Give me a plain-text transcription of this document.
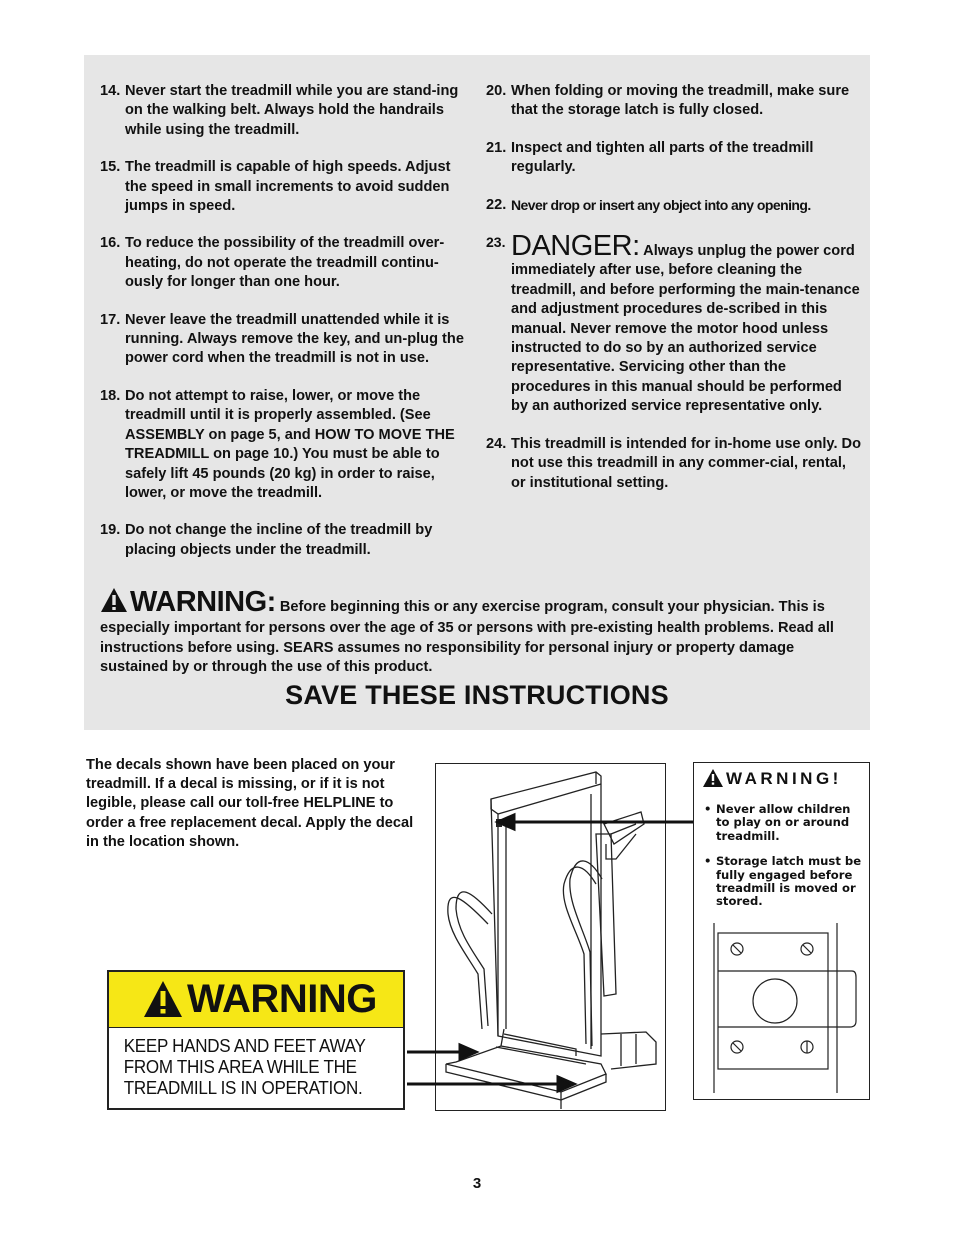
14. Never start the treadmill while you are stand-ing on the walking belt. Always hold the handrails while using the treadmill.
15. The treadmill is capable of high speeds. Adjust the speed in small increments to avoid sudden jumps in speed.
16. To reduce the possibility of the treadmill over-heating, do not operate the treadmill continu-ously for longer than one hour.
17. Never leave the treadmill unattended while it is running. Always remove the key, and un-plug the power cord when the treadmill is not in use.
18. Do not attempt to raise, lower, or move the treadmill until it is properly assembled. (See ASSEMBLY on page 5, and HOW TO MOVE THE TREADMILL on page 10.) You must be able to safely lift 45 pounds (20 kg) in order to raise, lower, or move the treadmill.
19. Do not change the incline of the treadmill by placing objects under the treadmill.
20. When folding or moving the treadmill, make sure that the storage latch is fully closed.
21. Inspect and tighten all parts of the treadmill regularly.
22. Never drop or insert any object into any opening.
23. DANGER: Always unplug the power cord immediately after use, before cleaning the treadmill, and before performing the main-tenance and adjustment procedures de-scribed in this manual. Never remove the motor hood unless instructed to do so by an authorized service representative. Servicing other than the procedures in this manual should be performed by an authorized service representative only.
24. This treadmill is intended for in-home use only. Do not use this treadmill in any commer-cial, rental, or institutional setting.
WARNING: Before beginning this or any exercise program, consult your physician. This is especially important for persons over the age of 35 or persons with pre-existing health problems. Read all instructions before using. SEARS assumes no responsibility for personal injury or property damage sustained by or through the use of this product.
SAVE THESE INSTRUCTIONS
The decals shown have been placed on your treadmill. If a decal is missing, or if it is not legible, please call our toll-free HELPLINE to order a free replacement decal. Apply the decal in the location shown.
WARNING
KEEP HANDS AND FEET AWAY
FROM THIS AREA WHILE THE
TREADMILL IS IN OPERATION.
WARNING!
• Never allow children to play on or around treadmill.
• Storage latch must be fully engaged before treadmill is moved or stored.
3
